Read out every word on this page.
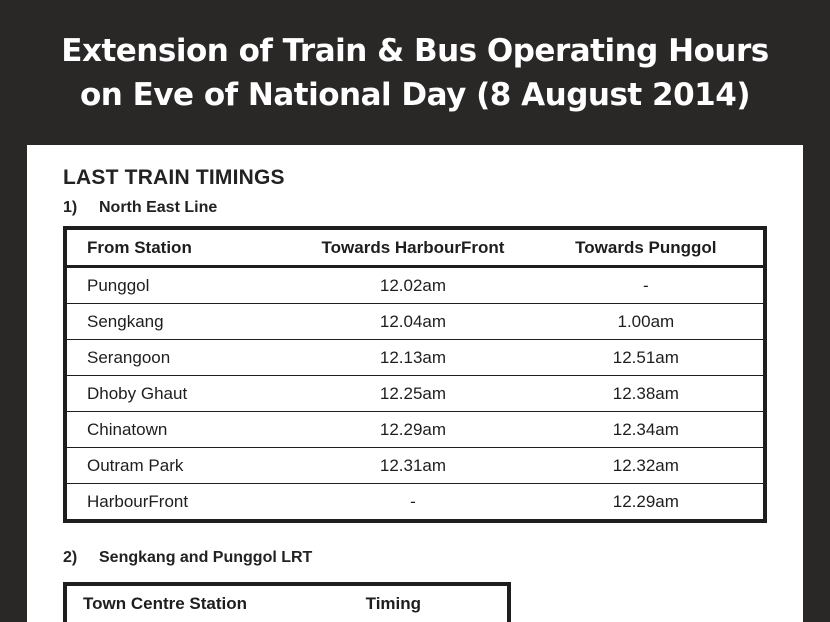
Extension of Train & Bus Operating Hours
on Eve of National Day (8 August 2014)
LAST TRAIN TIMINGS
1) North East Line
From Station	Towards HarbourFront	Towards Punggol
Punggol	12.02am	-
Sengkang	12.04am	1.00am
Serangoon	12.13am	12.51am
Dhoby Ghaut	12.25am	12.38am
Chinatown	12.29am	12.34am
Outram Park	12.31am	12.32am
HarbourFront	-	12.29am
2) Sengkang and Punggol LRT
Town Centre Station	Timing
